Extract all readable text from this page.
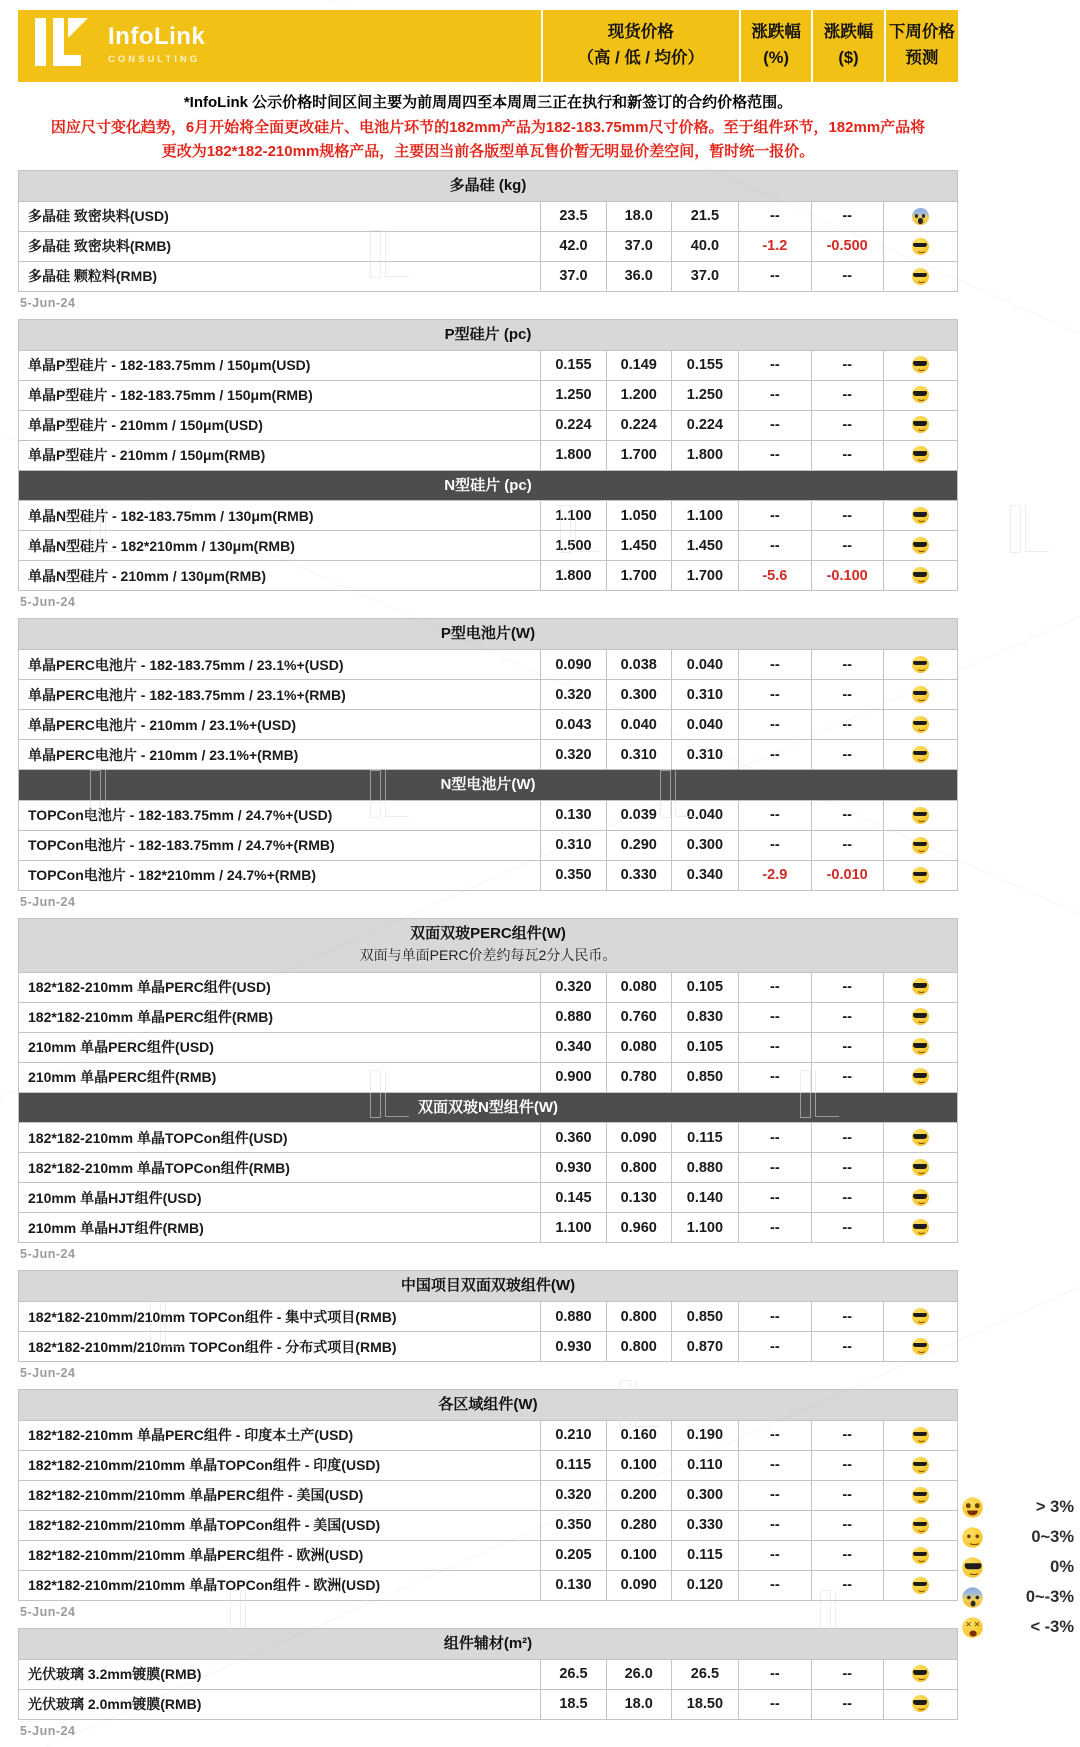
InfoLink
CONSULTING
现货价格
（高 / 低 / 均价）
涨跌幅
(%)
涨跌幅
($)
下周价格
预测
*InfoLink 公示价格时间区间主要为前周周四至本周周三正在执行和新签订的合约价格范围。
因应尺寸变化趋势，6月开始将全面更改硅片、电池片环节的182mm产品为182-183.75mm尺寸价格。至于组件环节，182mm产品将更改为182*182-210mm规格产品，主要因当前各版型单瓦售价暂无明显价差空间，暂时统一报价。
多晶硅 (kg)						

多晶硅 致密块料(USD)	23.5	18.0	21.5	--	--	
多晶硅 致密块料(RMB)	42.0	37.0	40.0	-1.2	-0.500	
多晶硅 颗粒料(RMB)	37.0	36.0	37.0	--	--	
5-Jun-24
P型硅片 (pc)						

单晶P型硅片 - 182-183.75mm / 150μm(USD)	0.155	0.149	0.155	--	--	
单晶P型硅片 - 182-183.75mm / 150μm(RMB)	1.250	1.200	1.250	--	--	
单晶P型硅片 - 210mm / 150μm(USD)	0.224	0.224	0.224	--	--	
单晶P型硅片 - 210mm / 150μm(RMB)	1.800	1.700	1.800	--	--	

N型硅片 (pc)						

单晶N型硅片 - 182-183.75mm / 130μm(RMB)	1.100	1.050	1.100	--	--	
单晶N型硅片 - 182*210mm / 130μm(RMB)	1.500	1.450	1.450	--	--	
单晶N型硅片 - 210mm / 130μm(RMB)	1.800	1.700	1.700	-5.6	-0.100	
5-Jun-24
P型电池片(W)						

单晶PERC电池片 - 182-183.75mm / 23.1%+(USD)	0.090	0.038	0.040	--	--	
单晶PERC电池片 - 182-183.75mm / 23.1%+(RMB)	0.320	0.300	0.310	--	--	
单晶PERC电池片 - 210mm / 23.1%+(USD)	0.043	0.040	0.040	--	--	
单晶PERC电池片 - 210mm / 23.1%+(RMB)	0.320	0.310	0.310	--	--	

N型电池片(W)						

TOPCon电池片 - 182-183.75mm / 24.7%+(USD)	0.130	0.039	0.040	--	--	
TOPCon电池片 - 182-183.75mm / 24.7%+(RMB)	0.310	0.290	0.300	--	--	
TOPCon电池片 - 182*210mm / 24.7%+(RMB)	0.350	0.330	0.340	-2.9	-0.010	
5-Jun-24
双面双玻PERC组件(W)
双面与单面PERC价差约每瓦2分人民币。						

182*182-210mm 单晶PERC组件(USD)	0.320	0.080	0.105	--	--	
182*182-210mm 单晶PERC组件(RMB)	0.880	0.760	0.830	--	--	
210mm 单晶PERC组件(USD)	0.340	0.080	0.105	--	--	
210mm 单晶PERC组件(RMB)	0.900	0.780	0.850	--	--	

双面双玻N型组件(W)						

182*182-210mm 单晶TOPCon组件(USD)	0.360	0.090	0.115	--	--	
182*182-210mm 单晶TOPCon组件(RMB)	0.930	0.800	0.880	--	--	
210mm 单晶HJT组件(USD)	0.145	0.130	0.140	--	--	
210mm 单晶HJT组件(RMB)	1.100	0.960	1.100	--	--	
5-Jun-24
中国项目双面双玻组件(W)						

182*182-210mm/210mm TOPCon组件 - 集中式项目(RMB)	0.880	0.800	0.850	--	--	
182*182-210mm/210mm TOPCon组件 - 分布式项目(RMB)	0.930	0.800	0.870	--	--	
5-Jun-24
各区域组件(W)						

182*182-210mm 单晶PERC组件 - 印度本土产(USD)	0.210	0.160	0.190	--	--	
182*182-210mm/210mm 单晶TOPCon组件 - 印度(USD)	0.115	0.100	0.110	--	--	
182*182-210mm/210mm 单晶PERC组件 - 美国(USD)	0.320	0.200	0.300	--	--	
182*182-210mm/210mm 单晶TOPCon组件 - 美国(USD)	0.350	0.280	0.330	--	--	
182*182-210mm/210mm 单晶PERC组件 - 欧洲(USD)	0.205	0.100	0.115	--	--	
182*182-210mm/210mm 单晶TOPCon组件 - 欧洲(USD)	0.130	0.090	0.120	--	--	
5-Jun-24
组件辅材(m²)						

光伏玻璃 3.2mm镀膜(RMB)	26.5	26.0	26.5	--	--	
光伏玻璃 2.0mm镀膜(RMB)	18.5	18.0	18.50	--	--	
5-Jun-24
> 3%
0~3%
0%
0~-3%
✕✕
< -3%
